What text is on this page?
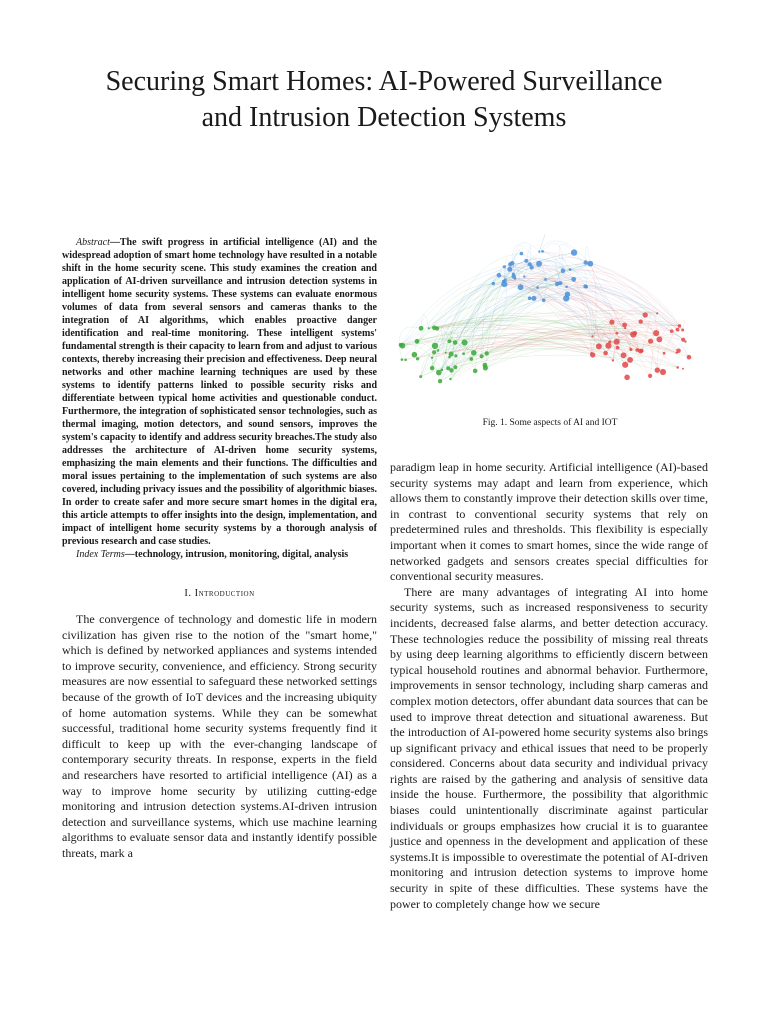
Securing Smart Homes: AI-Powered Surveillance
and Intrusion Detection Systems

Abstract—The swift progress in artificial intelligence (AI) and the widespread adoption of smart home technology have resulted in a notable shift in the home security scene. This study examines the creation and application of AI-driven surveillance and intrusion detection systems in intelligent home security systems. These systems can evaluate enormous volumes of data from several sensors and cameras thanks to the integration of AI algorithms, which enables proactive danger identification and real-time monitoring. These intelligent systems' fundamental strength is their capacity to learn from and adjust to various contexts, thereby increasing their precision and effectiveness. Deep neural networks and other machine learning techniques are used by these systems to identify patterns linked to possible security risks and differentiate between typical home activities and questionable conduct. Furthermore, the integration of sophisticated sensor technologies, such as thermal imaging, motion detectors, and sound sensors, improves the system's capacity to identify and address security breaches.The study also addresses the architecture of AI-driven home security systems, emphasizing the main elements and their functions. The difficulties and moral issues pertaining to the implementation of such systems are also covered, including privacy issues and the possibility of algorithmic biases. In order to create safer and more secure smart homes in the digital era, this article attempts to offer insights into the design, implementation, and impact of intelligent home security systems by a thorough analysis of previous research and case studies.

Index Terms—technology, intrusion, monitoring, digital, analysis

I. Introduction

The convergence of technology and domestic life in modern civilization has given rise to the notion of the "smart home," which is defined by networked appliances and systems intended to improve security, convenience, and efficiency. Strong security measures are now essential to safeguard these networked settings because of the growth of IoT devices and the increasing ubiquity of home automation systems. While they can be somewhat successful, traditional home security systems frequently find it difficult to keep up with the ever-changing landscape of contemporary security threats. In response, experts in the field and researchers have resorted to artificial intelligence (AI) as a way to improve home security by utilizing cutting-edge monitoring and intrusion detection systems.AI-driven intrusion detection and surveillance systems, which use machine learning algorithms to evaluate sensor data and instantly identify possible threats, mark a

Fig. 1. Some aspects of AI and IOT

paradigm leap in home security. Artificial intelligence (AI)-based security systems may adapt and learn from experience, which allows them to constantly improve their detection skills over time, in contrast to conventional security systems that rely on predetermined rules and thresholds. This flexibility is especially important when it comes to smart homes, since the wide range of networked gadgets and sensors creates special difficulties for conventional security measures.

There are many advantages of integrating AI into home security systems, such as increased responsiveness to security incidents, decreased false alarms, and better detection accuracy. These technologies reduce the possibility of missing real threats by using deep learning algorithms to efficiently discern between typical household routines and abnormal behavior. Furthermore, improvements in sensor technology, including sharp cameras and complex motion detectors, offer abundant data sources that can be used to improve threat detection and situational awareness. But the introduction of AI-powered home security systems also brings up significant privacy and ethical issues that need to be properly considered. Concerns about data security and individual privacy rights are raised by the gathering and analysis of sensitive data inside the house. Furthermore, the possibility that algorithmic biases could unintentionally discriminate against particular individuals or groups emphasizes how crucial it is to guarantee justice and openness in the development and application of these systems.It is impossible to overestimate the potential of AI-driven monitoring and intrusion detection systems to improve home security in spite of these difficulties. These systems have the power to completely change how we secure
